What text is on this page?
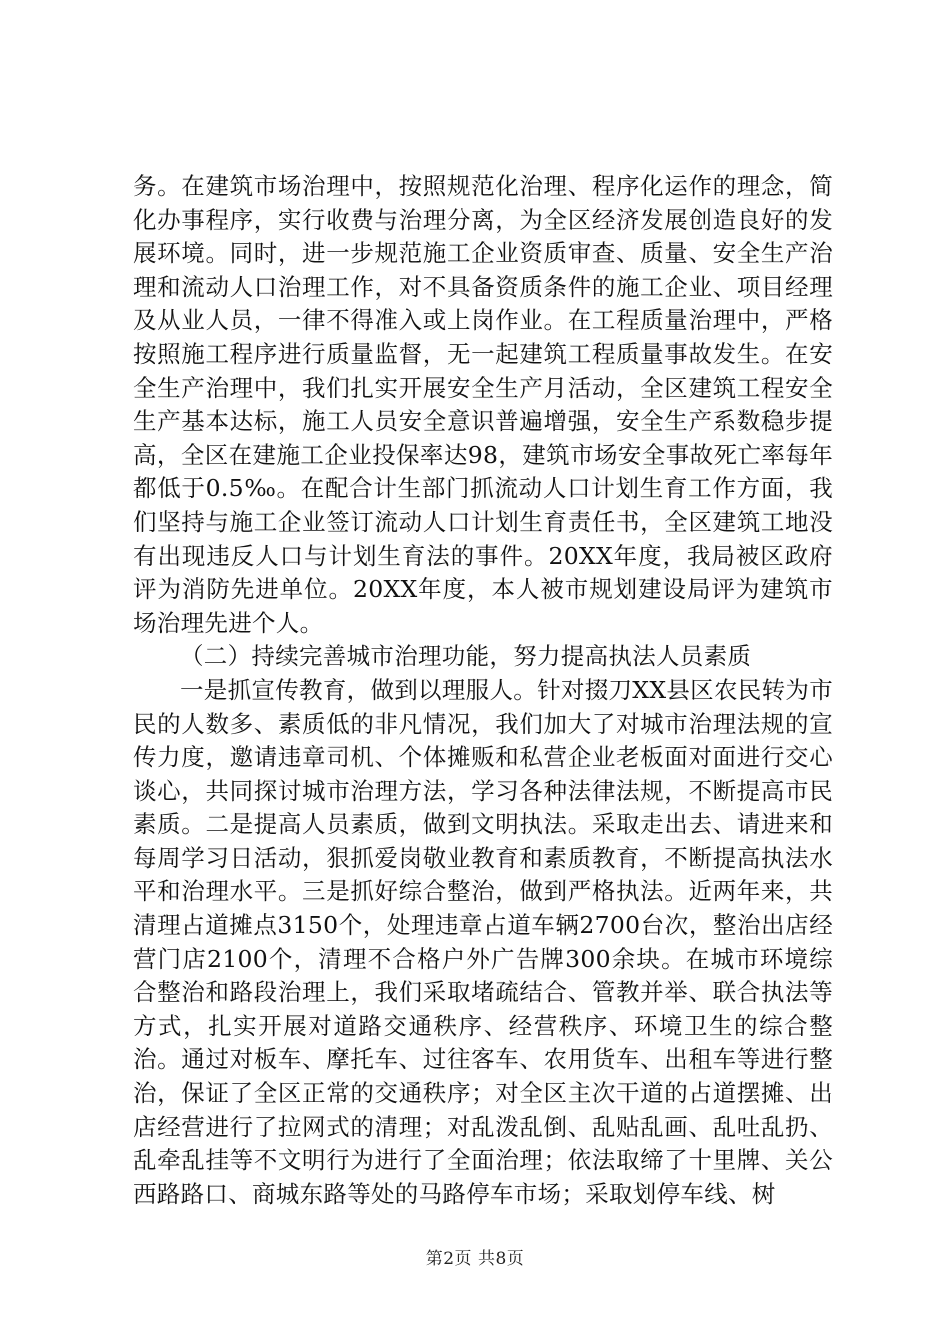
务。在建筑市场治理中，按照规范化治理、程序化运作的理念，简化办事程序，实行收费与治理分离，为全区经济发展创造良好的发展环境。同时，进一步规范施工企业资质审查、质量、安全生产治理和流动人口治理工作，对不具备资质条件的施工企业、项目经理及从业人员，一律不得准入或上岗作业。在工程质量治理中，严格按照施工程序进行质量监督，无一起建筑工程质量事故发生。在安全生产治理中，我们扎实开展安全生产月活动，全区建筑工程安全生产基本达标，施工人员安全意识普遍增强，安全生产系数稳步提高，全区在建施工企业投保率达98，建筑市场安全事故死亡率每年都低于0.5‰。在配合计生部门抓流动人口计划生育工作方面，我们坚持与施工企业签订流动人口计划生育责任书，全区建筑工地没有出现违反人口与计划生育法的事件。20XX年度，我局被区政府评为消防先进单位。20XX年度，本人被市规划建设局评为建筑市场治理先进个人。

（二）持续完善城市治理功能，努力提高执法人员素质

一是抓宣传教育，做到以理服人。针对掇刀XX县区农民转为市民的人数多、素质低的非凡情况，我们加大了对城市治理法规的宣传力度，邀请违章司机、个体摊贩和私营企业老板面对面进行交心谈心，共同探讨城市治理方法，学习各种法律法规，不断提高市民素质。二是提高人员素质，做到文明执法。采取走出去、请进来和每周学习日活动，狠抓爱岗敬业教育和素质教育，不断提高执法水平和治理水平。三是抓好综合整治，做到严格执法。近两年来，共清理占道摊点3150个，处理违章占道车辆2700台次，整治出店经营门店2100个，清理不合格户外广告牌300余块。在城市环境综合整治和路段治理上，我们采取堵疏结合、管教并举、联合执法等方式，扎实开展对道路交通秩序、经营秩序、环境卫生的综合整治。通过对板车、摩托车、过往客车、农用货车、出租车等进行整治，保证了全区正常的交通秩序；对全区主次干道的占道摆摊、出店经营进行了拉网式的清理；对乱泼乱倒、乱贴乱画、乱吐乱扔、乱牵乱挂等不文明行为进行了全面治理；依法取缔了十里牌、关公西路路口、商城东路等处的马路停车市场；采取划停车线、树

第2页 共8页
